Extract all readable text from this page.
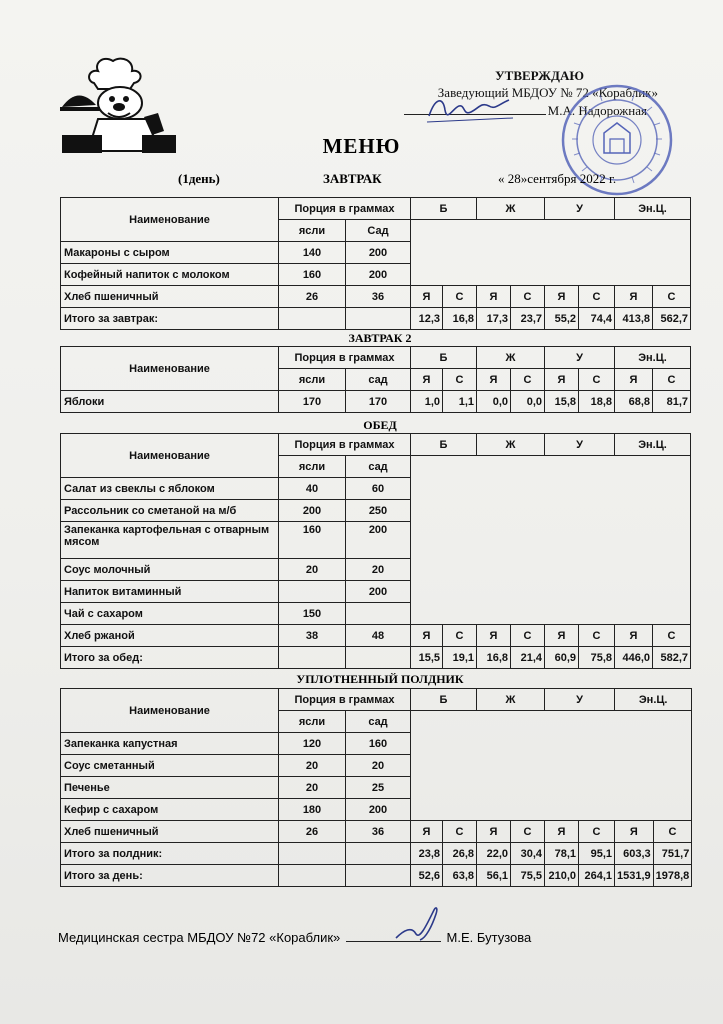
УТВЕРЖДАЮ
Заведующий МБДОУ № 72 «Кораблик»
М.А. Надорожная
МЕНЮ
(1день)	ЗАВТРАК	« 28»сентября 2022 г.
Наименование	Порция в граммах		Б		Ж		У		Эн.Ц.	
	ясли	Сад								
Макароны с сыром	140	200								
Кофейный напиток с молоком	160	200								
Хлеб пшеничный	26	36	Я	С	Я	С	Я	С	Я	С
Итого за завтрак:			12,3	16,8	17,3	23,7	55,2	74,4	413,8	562,7
ЗАВТРАК 2
Наименование	Порция в граммах		Б		Ж		У		Эн.Ц.	
	ясли	сад	Я	С	Я	С	Я	С	Я	С
Яблоки	170	170	1,0	1,1	0,0	0,0	15,8	18,8	68,8	81,7
ОБЕД
Наименование	Порция в граммах		Б		Ж		У		Эн.Ц.	
	ясли	сад								
Салат из свеклы с яблоком	40	60								
Рассольник со сметаной на м/б	200	250								
Запеканка картофельная с отварным мясом	160	200								
Соус молочный	20	20								
Напиток витаминный		200								
Чай с сахаром	150									
Хлеб ржаной	38	48	Я	С	Я	С	Я	С	Я	С
Итого за обед:			15,5	19,1	16,8	21,4	60,9	75,8	446,0	582,7
УПЛОТНЕННЫЙ ПОЛДНИК
Наименование	Порция в граммах		Б		Ж		У		Эн.Ц.	
	ясли	сад								
Запеканка капустная	120	160								
Соус сметанный	20	20								
Печенье	20	25								
Кефир с сахаром	180	200								
Хлеб пшеничный	26	36	Я	С	Я	С	Я	С	Я	С
Итого за полдник:			23,8	26,8	22,0	30,4	78,1	95,1	603,3	751,7
Итого за день:			52,6	63,8	56,1	75,5	210,0	264,1	1531,9	1978,8
Медицинская сестра МБДОУ №72 «Кораблик»	М.Е. Бутузова
